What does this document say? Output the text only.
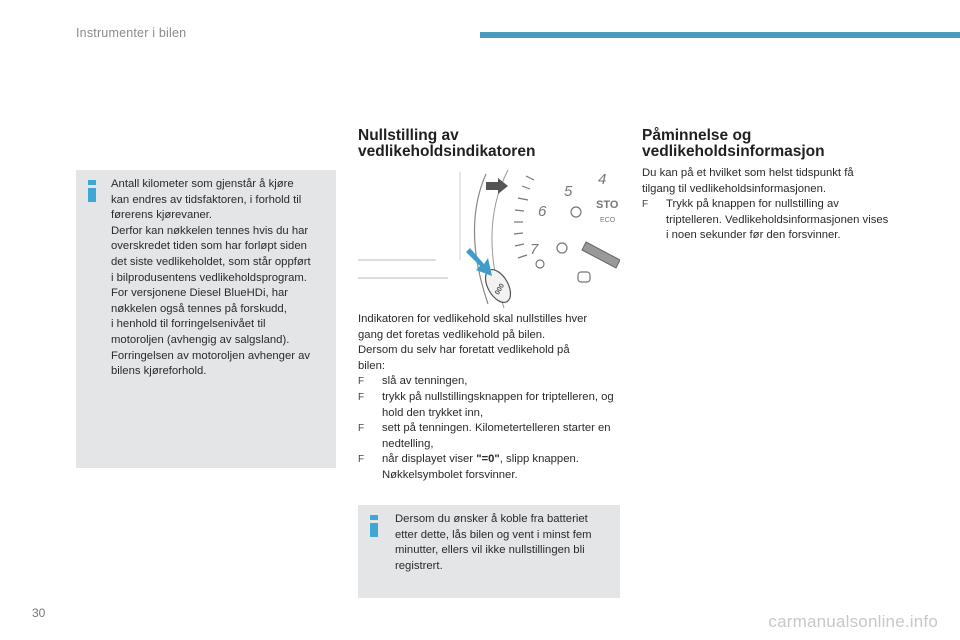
Instrumenter i bilen
Antall kilometer som gjenstår å kjøre
kan endres av tidsfaktoren, i forhold til
førerens kjørevaner.
Derfor kan nøkkelen tennes hvis du har
overskredet tiden som har forløpt siden
det siste vedlikeholdet, som står oppført
i bilprodusentens vedlikeholdsprogram.
For versjonene Diesel BlueHDi, har
nøkkelen også tennes på forskudd,
i henhold til forringelsenivået til
motoroljen (avhengig av salgsland).
Forringelsen av motoroljen avhenger av
bilens kjøreforhold.
Nullstilling av
vedlikeholdsindikatoren
4
5
6
7
STO
ECO
000

Indikatoren for vedlikehold skal nullstilles hver

gang det foretas vedlikehold på bilen.

Dersom du selv har foretatt vedlikehold på

bilen:

F slå av tenningen,
F trykk på nullstillingsknappen for triptelleren, og hold den trykket inn,
F sett på tenningen. Kilometertelleren starter en nedtelling,
F når displayet viser "=0", slipp knappen. Nøkkelsymbolet forsvinner.
Dersom du ønsker å koble fra batteriet
etter dette, lås bilen og vent i minst fem
minutter, ellers vil ikke nullstillingen bli
registrert.
Påminnelse og
vedlikeholdsinformasjon

Du kan på et hvilket som helst tidspunkt få

tilgang til vedlikeholdsinformasjonen.

F Trykk på knappen for nullstilling av triptelleren. Vedlikeholdsinformasjonen vises i noen sekunder før den forsvinner.
30	carmanualsonline.info
